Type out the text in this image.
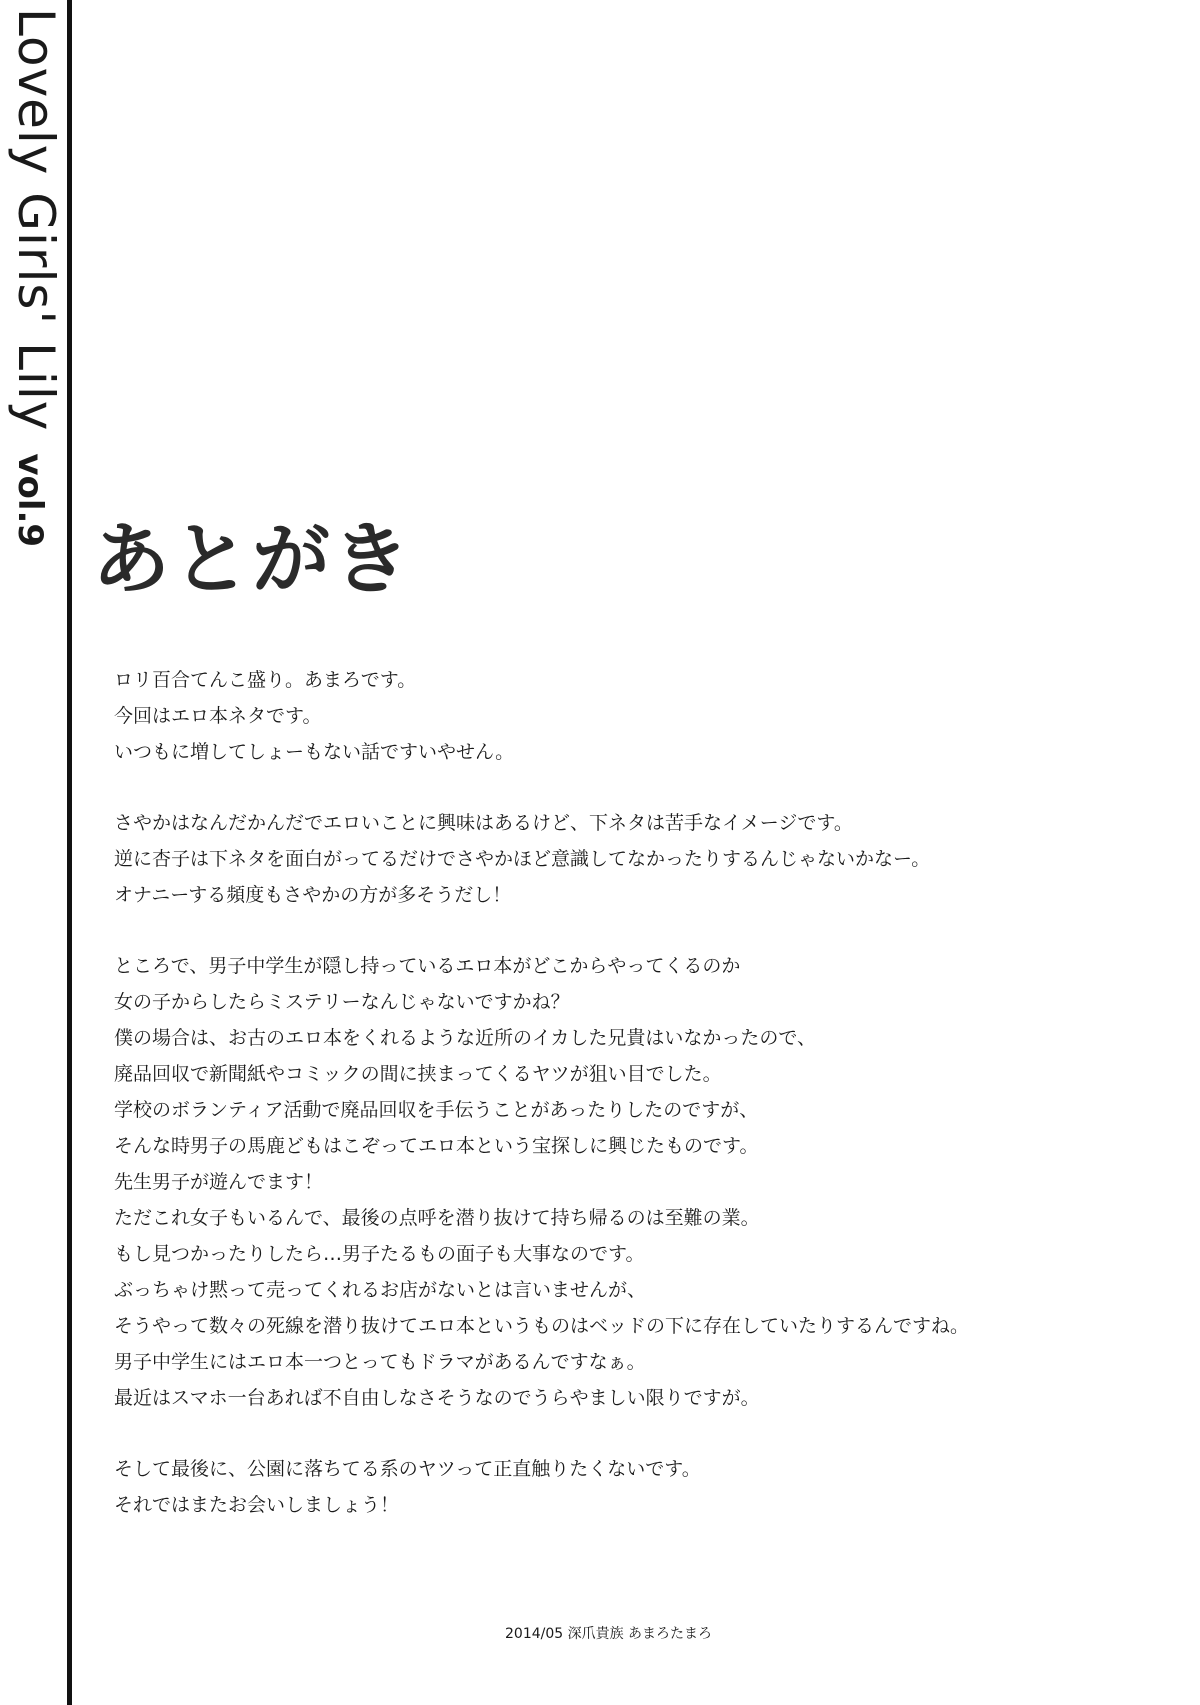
Lovely Girls' Lilyvol.9
あとがき
ロリ百合てんこ盛り。あまろです。
今回はエロ本ネタです。
いつもに増してしょーもない話ですいやせん。
さやかはなんだかんだでエロいことに興味はあるけど、下ネタは苦手なイメージです。
逆に杏子は下ネタを面白がってるだけでさやかほど意識してなかったりするんじゃないかなー。
オナニーする頻度もさやかの方が多そうだし！
ところで、男子中学生が隠し持っているエロ本がどこからやってくるのか
女の子からしたらミステリーなんじゃないですかね？
僕の場合は、お古のエロ本をくれるような近所のイカした兄貴はいなかったので、
廃品回収で新聞紙やコミックの間に挟まってくるヤツが狙い目でした。
学校のボランティア活動で廃品回収を手伝うことがあったりしたのですが、
そんな時男子の馬鹿どもはこぞってエロ本という宝探しに興じたものです。
先生男子が遊んでます！
ただこれ女子もいるんで、最後の点呼を潜り抜けて持ち帰るのは至難の業。
もし見つかったりしたら…男子たるもの面子も大事なのです。
ぶっちゃけ黙って売ってくれるお店がないとは言いませんが、
そうやって数々の死線を潜り抜けてエロ本というものはベッドの下に存在していたりするんですね。
男子中学生にはエロ本一つとってもドラマがあるんですなぁ。
最近はスマホ一台あれば不自由しなさそうなのでうらやましい限りですが。
そして最後に、公園に落ちてる系のヤツって正直触りたくないです。
それではまたお会いしましょう！
2014/05 深爪貴族 あまろたまろ
